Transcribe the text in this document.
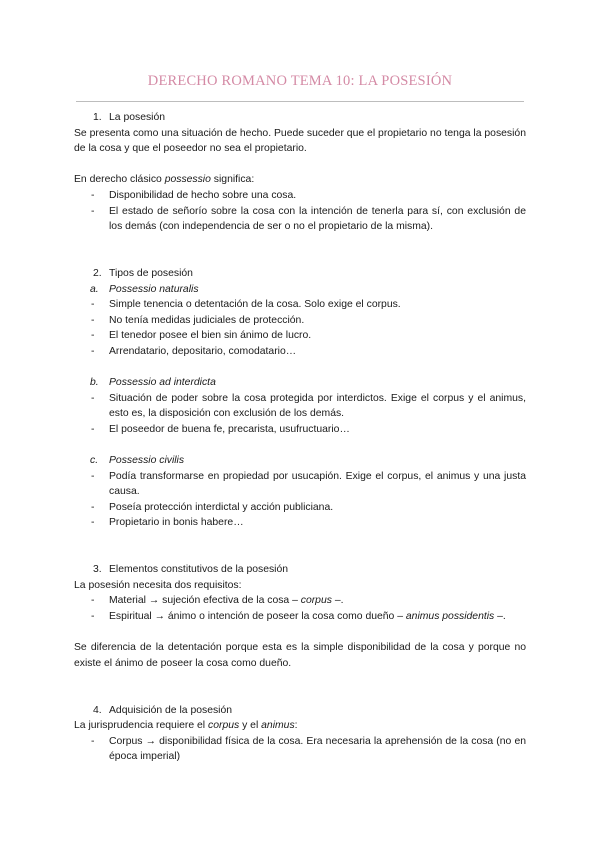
DERECHO ROMANO TEMA 10: LA POSESIÓN

1. La posesión

Se presenta como una situación de hecho. Puede suceder que el propietario no tenga la posesión de la cosa y que el poseedor no sea el propietario.

En derecho clásico possessio significa:

- Disponibilidad de hecho sobre una cosa.

- El estado de señorío sobre la cosa con la intención de tenerla para sí, con exclusión de los demás (con independencia de ser o no el propietario de la misma).

2. Tipos de posesión

a. Possessio naturalis

- Simple tenencia o detentación de la cosa. Solo exige el corpus.

- No tenía medidas judiciales de protección.

- El tenedor posee el bien sin ánimo de lucro.

- Arrendatario, depositario, comodatario…

b. Possessio ad interdicta

- Situación de poder sobre la cosa protegida por interdictos. Exige el corpus y el animus, esto es, la disposición con exclusión de los demás.

- El poseedor de buena fe, precarista, usufructuario…

c. Possessio civilis

- Podía transformarse en propiedad por usucapión. Exige el corpus, el animus y una justa causa.

- Poseía protección interdictal y acción publiciana.

- Propietario in bonis habere…

3. Elementos constitutivos de la posesión

La posesión necesita dos requisitos:

- Material → sujeción efectiva de la cosa – corpus –.

- Espiritual → ánimo o intención de poseer la cosa como dueño – animus possidentis –.

Se diferencia de la detentación porque esta es la simple disponibilidad de la cosa y porque no existe el ánimo de poseer la cosa como dueño.

4. Adquisición de la posesión

La jurisprudencia requiere el corpus y el animus:

- Corpus → disponibilidad física de la cosa. Era necesaria la aprehensión de la cosa (no en época imperial)
